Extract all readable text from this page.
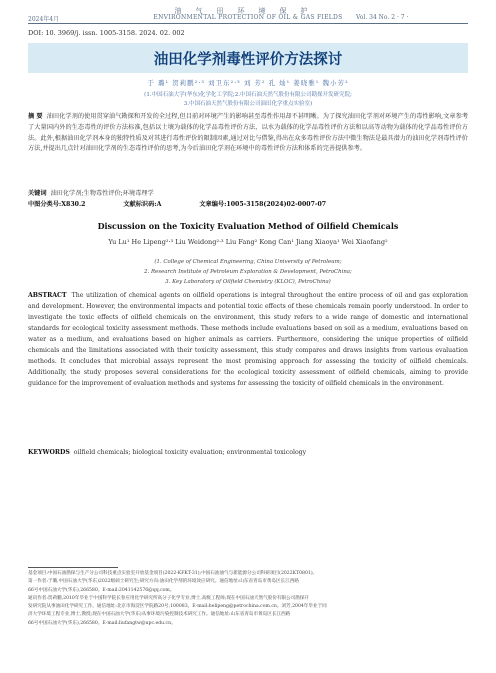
油气田环境保护
2024年4月	ENVIRONMENTAL PROTECTION OF OIL & GAS FIELDS	Vol. 34 No. 2 · 7 ·
DOI: 10. 3969/j. issn. 1005-3158. 2024. 02. 002
油田化学剂毒性评价方法探讨
于 璐¹ 贺莉鹏²·³ 刘卫东²·³ 刘 芳² 孔 灿¹ 姜晓雅¹ 魏小芳²
(1.中国石油大学(华东)化学化工学院;2.中国石油天然气股份有限公司勘探开发研究院;
3.中国石油天然气股份有限公司油田化学重点实验室)
摘 要 油田化学剂的使用贯穿油气勘探和开发的全过程,但目前对环境产生的影响甚至毒性作用却不甚明晰。为了探究油田化学剂对环境产生的毒性影响,文章参考了大量国内外的生态毒性的评价方法标准,包括以土壤为载体的化学品毒性评价方法、以水为载体的化学品毒性评价方法和以高等动物为载体的化学品毒性评价方法。此外,根据油田化学剂本身的独特性质及对其进行毒性评价的限制因素,通过对比与借鉴,得出在众多毒性评价方法中微生物法是最具潜力的油田化学剂毒性评价方法,并提出几点针对油田化学剂的生态毒性评价的思考,为今后油田化学剂在环境中的毒性评价方法和体系的完善提供参考。
关键词 油田化学剂;生物毒性评价;环境毒理学
中图分类号:X830.2	文献标识码:A	文章编号:1005-3158(2024)02-0007-07
Discussion on the Toxicity Evaluation Method of Oilfield Chemicals
Yu Lu¹ He Lipeng²·³ Liu Weidong²·³ Liu Fang² Kong Can¹ Jiang Xiaoya¹ Wei Xiaofang²
(1. College of Chemical Engineering, China University of Petroleum;
2. Research Institute of Petroleum Exploration & Development, PetroChina;
3. Key Laboratory of Oilfield Chemistry (KLOC), PetroChina)
ABSTRACT The utilization of chemical agents on oilfield operations is integral throughout the entire process of oil and gas exploration and development. However, the environmental impacts and potential toxic effects of these chemicals remain poorly understood. In order to investigate the toxic effects of oilfield chemicals on the environment, this study refers to a wide range of domestic and international standards for ecological toxicity assessment methods. These methods include evaluations based on soil as a medium, evaluations based on water as a medium, and evaluations based on higher animals as carriers. Furthermore, considering the unique properties of oilfield chemicals and the limitations associated with their toxicity assessment, this study compares and draws insights from various evaluation methods. It concludes that microbial assays represent the most promising approach for assessing the toxicity of oilfield chemicals. Additionally, the study proposes several considerations for the ecological toxicity assessment of oilfield chemicals, aiming to provide guidance for the improvement of evaluation methods and systems for assessing the toxicity of oilfield chemicals in the environment.
KEYWORDS oilfield chemicals; biological toxicity evaluation; environmental toxicology
基金项目:中国石油勘探与生产分公司科技重点实验室开放基金项目(2022-KFKT-31);中国石油油气与新能源分公司科研项目(2022KT0801)。
第一作者:于璐,中国石油大学(华东)2022级硕士研究生;研究方向:油田化学剂的环境效应研究。通信地址:山东省青岛市黄岛区长江西路
66号中国石油大学(华东),266580。E-mail:2041142576@qq.com。
通讯作者:贺莉鹏,2010年毕业于中国科学院长春应用化学研究所高分子化学专业,博士,高级工程师;现在中国石油天然气股份有限公司勘探开
发研究院从事油田化学研究工作。通信地址:北京市海淀区学院路20号,100083。E-mail:helipeng@petrochina.com.cn。刘芳,2004年毕业于同
济大学环境工程专业,博士,教授;现在中国石油大学(华东)从事环境污染控制技术研究工作。通信地址:山东省青岛市黄岛区长江西路
66号中国石油大学(华东),266580。E-mail:liufangtw@upc.edu.cn。
